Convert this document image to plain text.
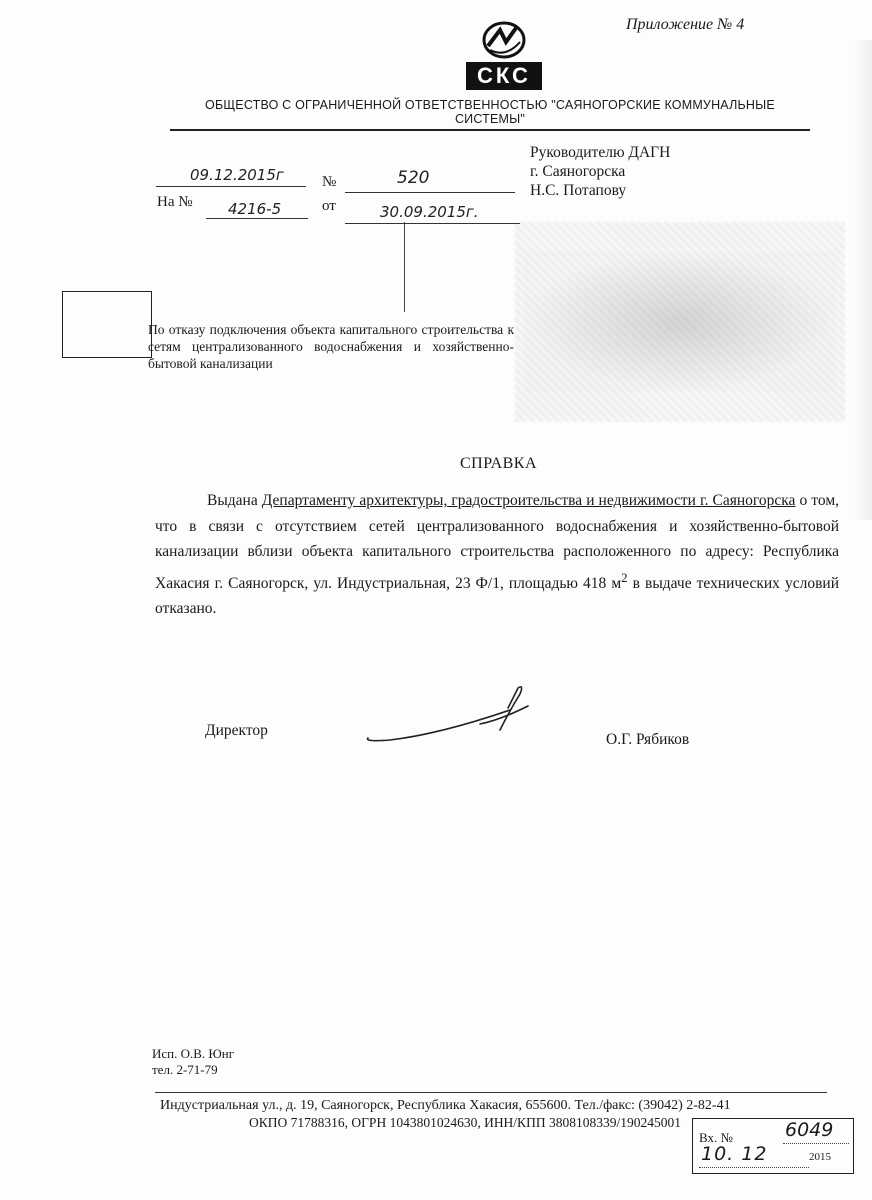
Приложение № 4
СКС
ОБЩЕСТВО С ОГРАНИЧЕННОЙ ОТВЕТСТВЕННОСТЬЮ "САЯНОГОРСКИЕ КОММУНАЛЬНЫЕ СИСТЕМЫ"
09.12.2015г	№	520
На № 4216-5	от	30.09.2015г.
Руководителю ДАГН
г. Саяногорска
Н.С. Потапову
По отказу подключения объекта капитального строительства к сетям централизованного водоснабжения и хозяйственно-бытовой канализации
СПРАВКА

Выдана Департаменту архитектуры, градостроительства и недвижимости г. Саяногорска о том, что в связи с отсутствием сетей централизованного водоснабжения и хозяйственно-бытовой канализации вблизи объекта капитального строительства расположенного по адресу: Республика Хакасия г. Саяногорск, ул. Индустриальная, 23 Ф/1, площадью 418 $м^2$ в выдаче технических условий отказано.

Директор
О.Г. Рябиков
Исп. О.В. Юнг
тел. 2-71-79
Индустриальная ул., д. 19, Саяногорск, Республика Хакасия, 655600. Тел./факс: (39042) 2-82-41
ОКПО 71788316, ОГРН 1043801024630, ИНН/КПП 3808108339/190245001
Вх. №	6049
10. 12	2015
